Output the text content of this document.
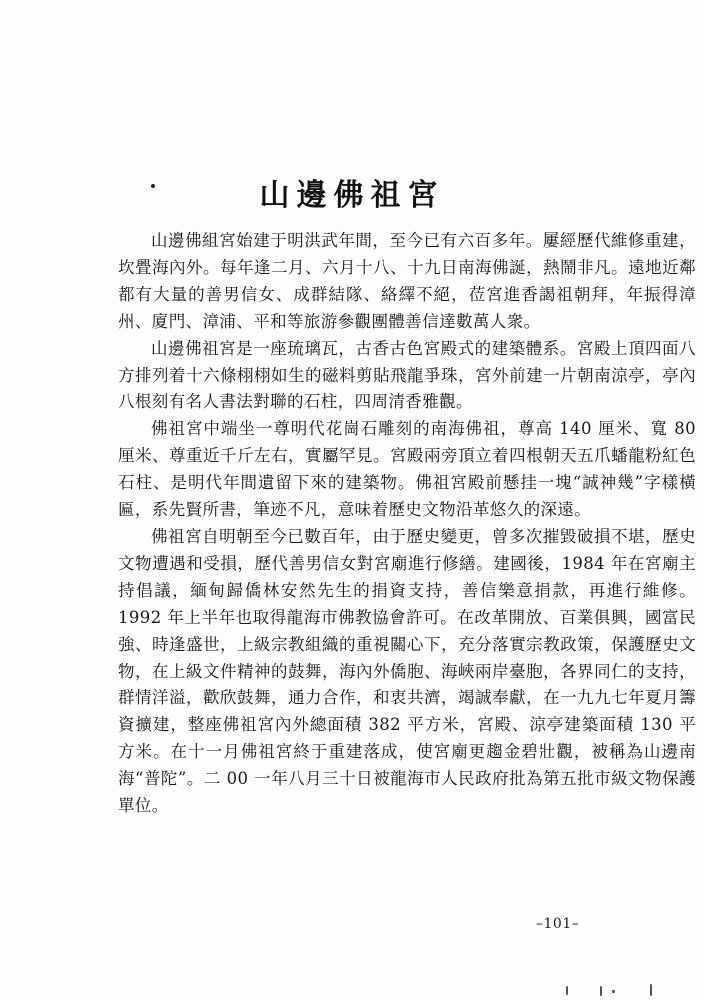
山邊佛祖宮

山邊佛組宮始建于明洪武年間，至今已有六百多年。屢經歷代維修重建，坎舋海內外。每年逢二月、六月十八、十九日南海佛誕，熱鬧非凡。遠地近鄰都有大量的善男信女、成群結隊、絡繹不絕，莅宮進香謁祖朝拜，年振得漳州、廈門、漳浦、平和等旅游參觀團體善信達數萬人衆。

山邊佛祖宮是一座琉璃瓦，古香古色宮殿式的建築體系。宮殿上頂四面八方排列着十六條栩栩如生的磁料剪貼飛龍爭珠，宮外前建一片朝南涼亭，亭內八根刻有名人書法對聯的石柱，四周清香雅觀。

佛祖宮中端坐一尊明代花崗石雕刻的南海佛祖，尊高 140 厘米、寬 80 厘米、尊重近千斤左右，實屬罕見。宮殿兩旁頂立着四根朝天五爪蟠龍粉紅色石柱、是明代年間遺留下來的建築物。佛祖宮殿前懸挂一塊“誠神幾”字樣橫匾，系先賢所書，筆迹不凡，意味着歷史文物沿革悠久的深遠。

佛祖宮自明朝至今已數百年，由于歷史變更，曾多次摧毀破損不堪，歷史文物遭遇和受損，歷代善男信女對宮廟進行修繕。建國後，1984 年在宮廟主持倡議，緬甸歸僑林安然先生的捐資支持，善信樂意捐款，再進行維修。1992 年上半年也取得龍海市佛教協會許可。在改革開放、百業俱興，國富民強、時逢盛世，上級宗教組織的重視關心下，充分落實宗教政策，保護歷史文物，在上級文件精神的鼓舞，海內外僑胞、海峽兩岸臺胞，各界同仁的支持，群情洋溢，歡欣鼓舞，通力合作，和衷共濟，竭誠奉獻，在一九九七年夏月籌資擴建，整座佛祖宮內外總面積 382 平方米，宮殿、涼亭建築面積 130 平方米。在十一月佛祖宮終于重建落成，使宮廟更趨金碧壯觀，被稱為山邊南海“普陀”。二 00 一年八月三十日被龍海市人民政府批為第五批市級文物保護單位。

–101–
